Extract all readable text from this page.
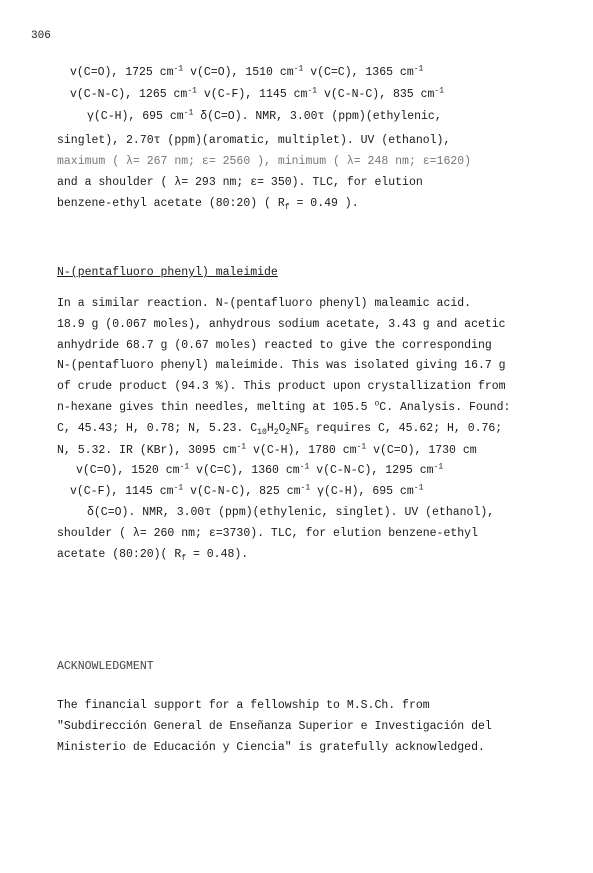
306
v(C=O), 1725 $cm^{-1}$ v(C=O), 1510 $cm^{-1}$ v(C=C), 1365 $cm^{-1}$
v(C-N-C), 1265 $cm^{-1}$ v(C-F), 1145 $cm^{-1}$ v(C-N-C), 835 $cm^{-1}$
γ(C-H), 695 $cm^{-1}$ δ(C=O). NMR, 3.00τ (ppm)(ethylenic,
singlet), 2.70τ (ppm)(aromatic, multiplet). UV (ethanol),
maximum ( λ= 267 nm; ε= 2560 ), minimum ( λ= 248 nm; ε=1620)
and a shoulder ( λ= 293 nm; ε= 350). TLC, for elution
benzene-ethyl acetate (80:20) ( $R_f = 0.49$ ).
N-(pentafluoro phenyl) maleimide
In a similar reaction. N-(pentafluoro phenyl) maleamic acid.
18.9 g (0.067 moles), anhydrous sodium acetate, 3.43 g and acetic
anhydride 68.7 g (0.67 moles) reacted to give the corresponding
N-(pentafluoro phenyl) maleimide. This was isolated giving 16.7 g
of crude product (94.3 %). This product upon crystallization from
n-hexane gives thin needles, melting at 105.5 $^o$C. Analysis. Found:
C, 45.43; H, 0.78; N, 5.23. $C_{10}H_2O_2NF_5$ requires C, 45.62; H, 0.76;
N, 5.32. IR (KBr), 3095 $cm^{-1}$ v(C-H), 1780 $cm^{-1}$ v(C=O), 1730 cm
v(C=O), 1520 $cm^{-1}$ v(C=C), 1360 $cm^{-1}$ v(C-N-C), 1295 $cm^{-1}$
v(C-F), 1145 $cm^{-1}$ v(C-N-C), 825 $cm^{-1}$ γ(C-H), 695 $cm^{-1}$
δ(C=O). NMR, 3.00τ (ppm)(ethylenic, singlet). UV (ethanol),
shoulder ( λ= 260 nm; ε=3730). TLC, for elution benzene-ethyl
acetate (80:20)( $R_f = 0.48$).
ACKNOWLEDGMENT
The financial support for a fellowship to M.S.Ch. from
"Subdirección General de Enseñanza Superior e Investigación del
Ministerio de Educación y Ciencia" is gratefully acknowledged.
